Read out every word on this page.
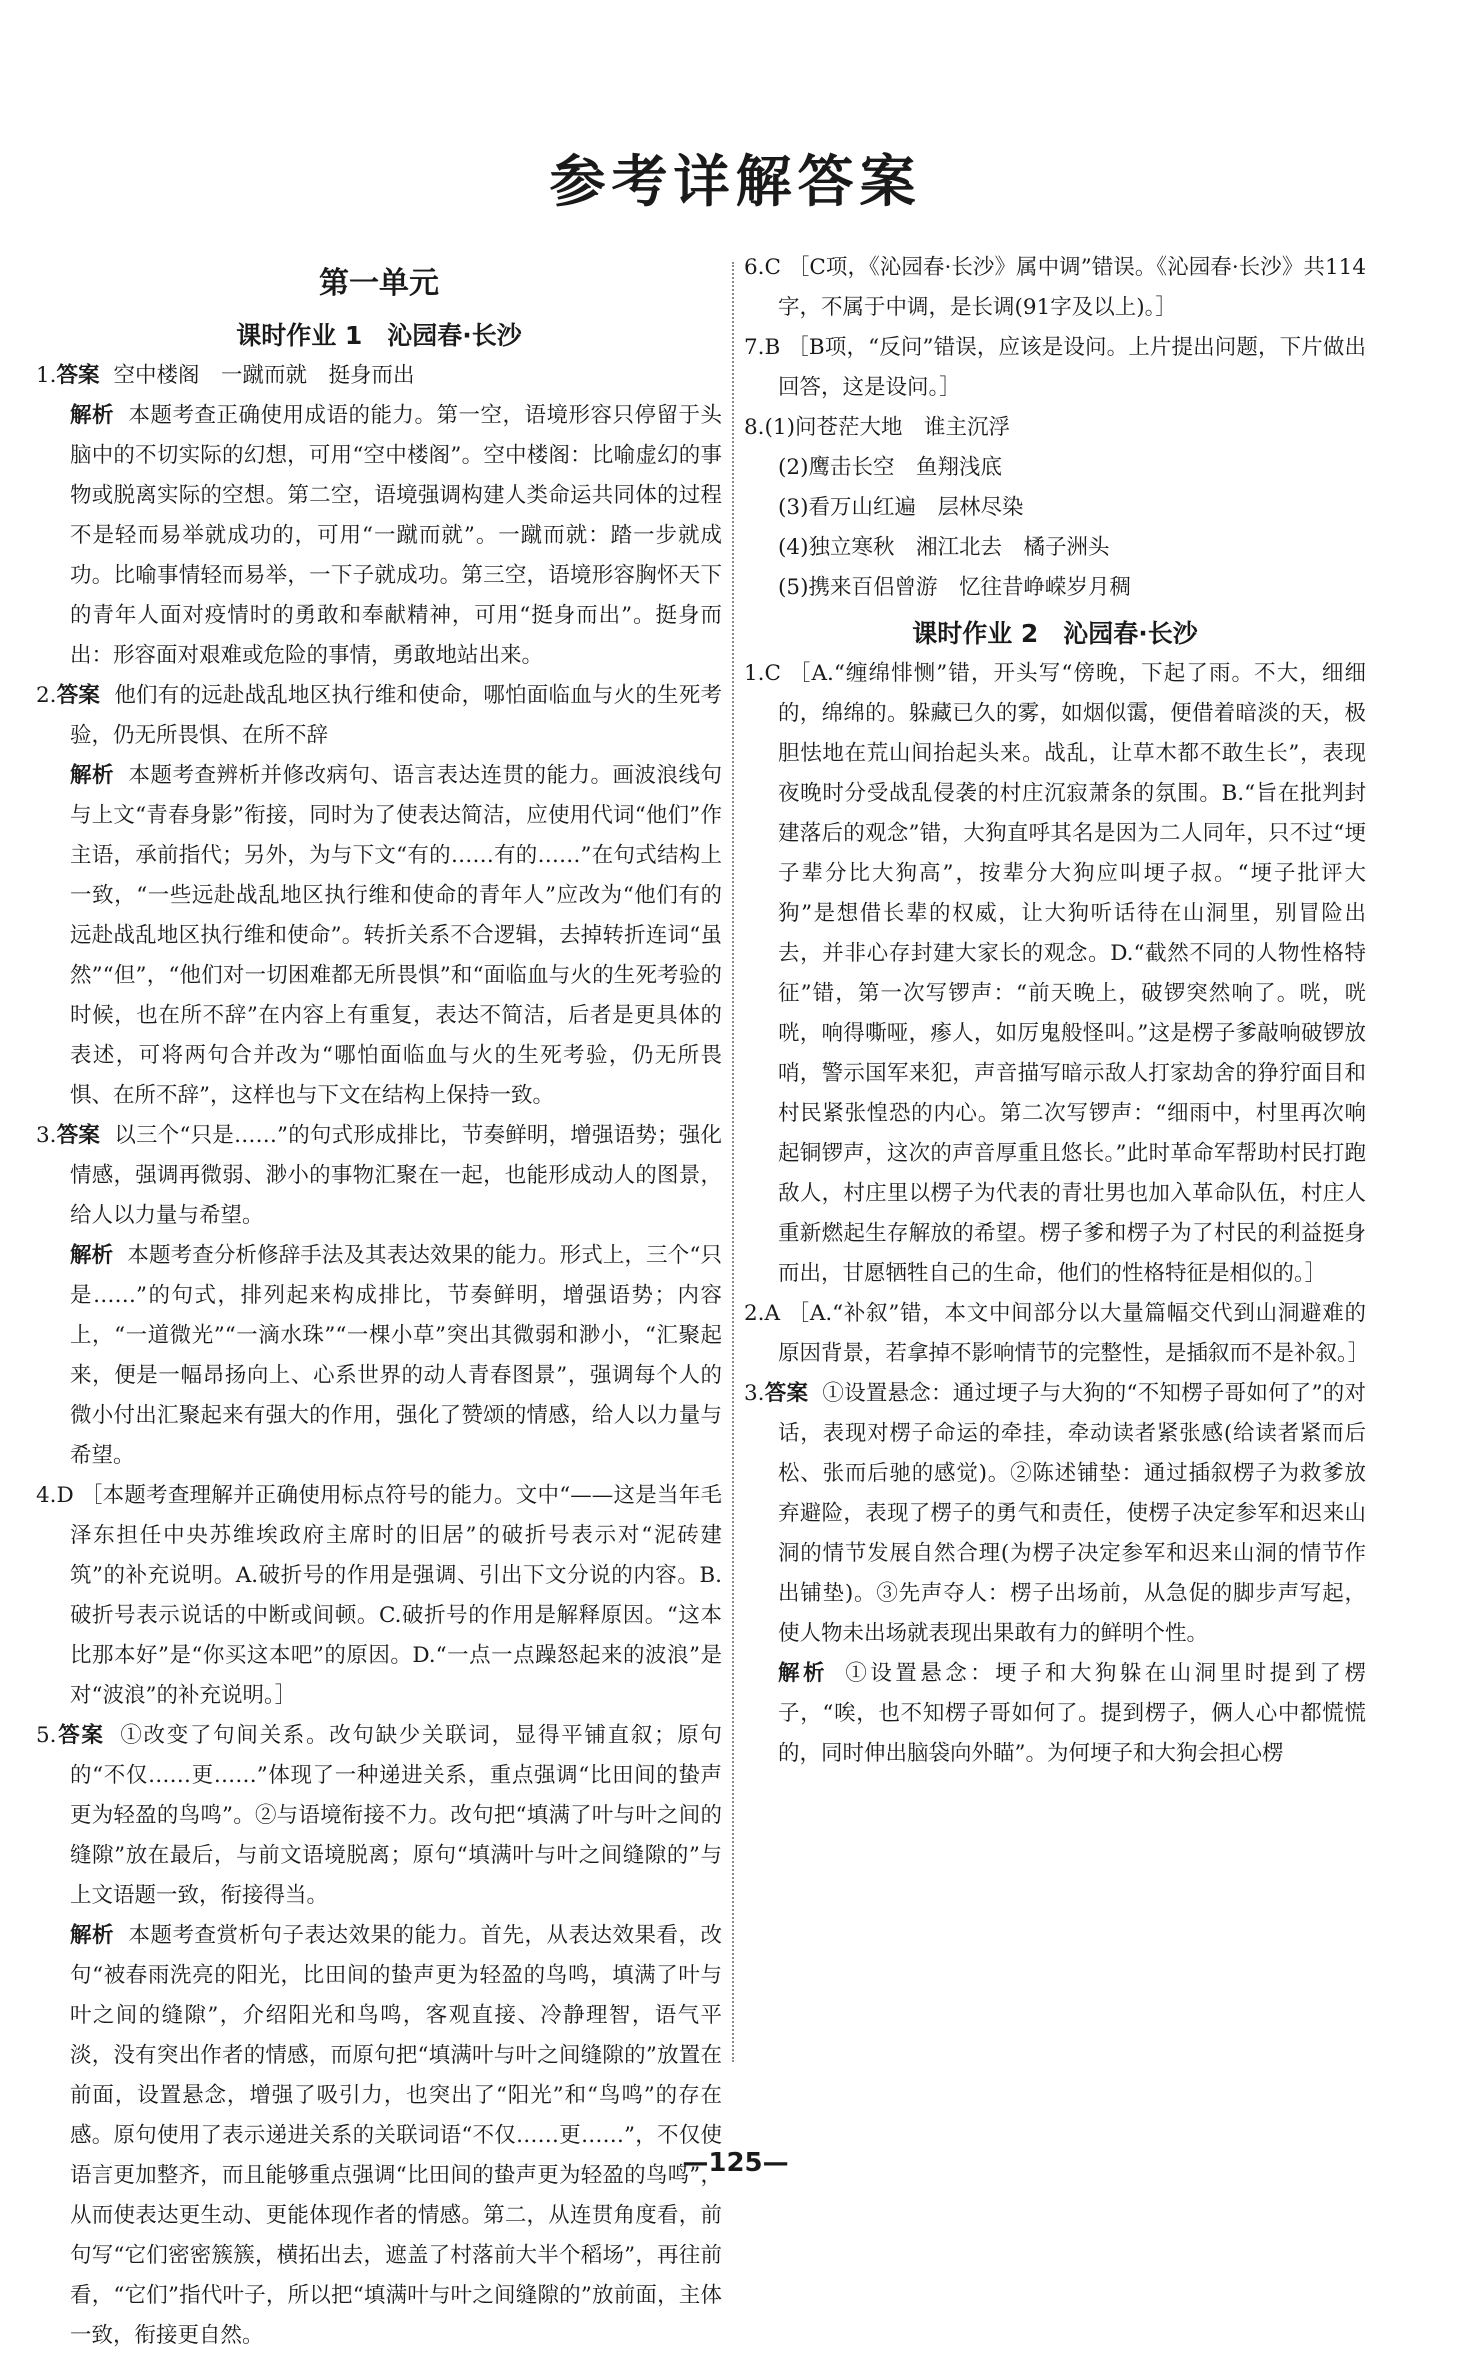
参考详解答案
第一单元
课时作业 1　沁园春·长沙

1.答案 空中楼阁　一蹴而就　挺身而出

解析 本题考查正确使用成语的能力。第一空，语境形容只停留于头脑中的不切实际的幻想，可用“空中楼阁”。空中楼阁：比喻虚幻的事物或脱离实际的空想。第二空，语境强调构建人类命运共同体的过程不是轻而易举就成功的，可用“一蹴而就”。一蹴而就：踏一步就成功。比喻事情轻而易举，一下子就成功。第三空，语境形容胸怀天下的青年人面对疫情时的勇敢和奉献精神，可用“挺身而出”。挺身而出：形容面对艰难或危险的事情，勇敢地站出来。

2.答案 他们有的远赴战乱地区执行维和使命，哪怕面临血与火的生死考验，仍无所畏惧、在所不辞

解析 本题考查辨析并修改病句、语言表达连贯的能力。画波浪线句与上文“青春身影”衔接，同时为了使表达简洁，应使用代词“他们”作主语，承前指代；另外，为与下文“有的……有的……”在句式结构上一致，“一些远赴战乱地区执行维和使命的青年人”应改为“他们有的远赴战乱地区执行维和使命”。转折关系不合逻辑，去掉转折连词“虽然”“但”，“他们对一切困难都无所畏惧”和“面临血与火的生死考验的时候，也在所不辞”在内容上有重复，表达不简洁，后者是更具体的表述，可将两句合并改为“哪怕面临血与火的生死考验，仍无所畏惧、在所不辞”，这样也与下文在结构上保持一致。

3.答案 以三个“只是……”的句式形成排比，节奏鲜明，增强语势；强化情感，强调再微弱、渺小的事物汇聚在一起，也能形成动人的图景，给人以力量与希望。

解析 本题考查分析修辞手法及其表达效果的能力。形式上，三个“只是……”的句式，排列起来构成排比，节奏鲜明，增强语势；内容上，“一道微光”“一滴水珠”“一棵小草”突出其微弱和渺小，“汇聚起来，便是一幅昂扬向上、心系世界的动人青春图景”，强调每个人的微小付出汇聚起来有强大的作用，强化了赞颂的情感，给人以力量与希望。

4.D ［本题考查理解并正确使用标点符号的能力。文中“——这是当年毛泽东担任中央苏维埃政府主席时的旧居”的破折号表示对“泥砖建筑”的补充说明。A.破折号的作用是强调、引出下文分说的内容。B.破折号表示说话的中断或间顿。C.破折号的作用是解释原因。“这本比那本好”是“你买这本吧”的原因。D.“一点一点躁怒起来的波浪”是对“波浪”的补充说明。］

5.答案 ①改变了句间关系。改句缺少关联词，显得平铺直叙；原句的“不仅……更……”体现了一种递进关系，重点强调“比田间的蛰声更为轻盈的鸟鸣”。②与语境衔接不力。改句把“填满了叶与叶之间的缝隙”放在最后，与前文语境脱离；原句“填满叶与叶之间缝隙的”与上文语题一致，衔接得当。

解析 本题考查赏析句子表达效果的能力。首先，从表达效果看，改句“被春雨洗亮的阳光，比田间的蛰声更为轻盈的鸟鸣，填满了叶与叶之间的缝隙”，介绍阳光和鸟鸣，客观直接、冷静理智，语气平淡，没有突出作者的情感，而原句把“填满叶与叶之间缝隙的”放置在前面，设置悬念，增强了吸引力，也突出了“阳光”和“鸟鸣”的存在感。原句使用了表示递进关系的关联词语“不仅……更……”，不仅使语言更加整齐，而且能够重点强调“比田间的蛰声更为轻盈的鸟鸣”，从而使表达更生动、更能体现作者的情感。第二，从连贯角度看，前句写“它们密密簇簇，横拓出去，遮盖了村落前大半个稻场”，再往前看，“它们”指代叶子，所以把“填满叶与叶之间缝隙的”放前面，主体一致，衔接更自然。

6.C ［C项，《沁园春·长沙》属中调”错误。《沁园春·长沙》共114字，不属于中调，是长调(91字及以上)。］

7.B ［B项，“反问”错误，应该是设问。上片提出问题，下片做出回答，这是设问。］

8.(1)问苍茫大地　谁主沉浮

(2)鹰击长空　鱼翔浅底

(3)看万山红遍　层林尽染

(4)独立寒秋　湘江北去　橘子洲头

(5)携来百侣曾游　忆往昔峥嵘岁月稠

课时作业 2　沁园春·长沙

1.C ［A.“缠绵悱恻”错，开头写“傍晚，下起了雨。不大，细细的，绵绵的。躲藏已久的雾，如烟似霭，便借着暗淡的天，极胆怯地在荒山间抬起头来。战乱，让草木都不敢生长”，表现夜晚时分受战乱侵袭的村庄沉寂萧条的氛围。B.“旨在批判封建落后的观念”错，大狗直呼其名是因为二人同年，只不过“埂子辈分比大狗高”，按辈分大狗应叫埂子叔。“埂子批评大狗”是想借长辈的权威，让大狗听话待在山洞里，别冒险出去，并非心存封建大家长的观念。D.“截然不同的人物性格特征”错，第一次写锣声：“前天晚上，破锣突然响了。咣，咣咣，响得嘶哑，瘆人，如厉鬼般怪叫。”这是楞子爹敲响破锣放哨，警示国军来犯，声音描写暗示敌人打家劫舍的狰狞面目和村民紧张惶恐的内心。第二次写锣声：“细雨中，村里再次响起铜锣声，这次的声音厚重且悠长。”此时革命军帮助村民打跑敌人，村庄里以楞子为代表的青壮男也加入革命队伍，村庄人重新燃起生存解放的希望。楞子爹和楞子为了村民的利益挺身而出，甘愿牺牲自己的生命，他们的性格特征是相似的。］

2.A ［A.“补叙”错，本文中间部分以大量篇幅交代到山洞避难的原因背景，若拿掉不影响情节的完整性，是插叙而不是补叙。］

3.答案 ①设置悬念：通过埂子与大狗的“不知楞子哥如何了”的对话，表现对楞子命运的牵挂，牵动读者紧张感(给读者紧而后松、张而后驰的感觉)。②陈述铺垫：通过插叙楞子为救爹放弃避险，表现了楞子的勇气和责任，使楞子决定参军和迟来山洞的情节发展自然合理(为楞子决定参军和迟来山洞的情节作出铺垫)。③先声夺人：楞子出场前，从急促的脚步声写起，使人物未出场就表现出果敢有力的鲜明个性。

解析 ①设置悬念：埂子和大狗躲在山洞里时提到了楞子，“唉，也不知楞子哥如何了。提到楞子，俩人心中都慌慌的，同时伸出脑袋向外瞄”。为何埂子和大狗会担心楞

—125—
